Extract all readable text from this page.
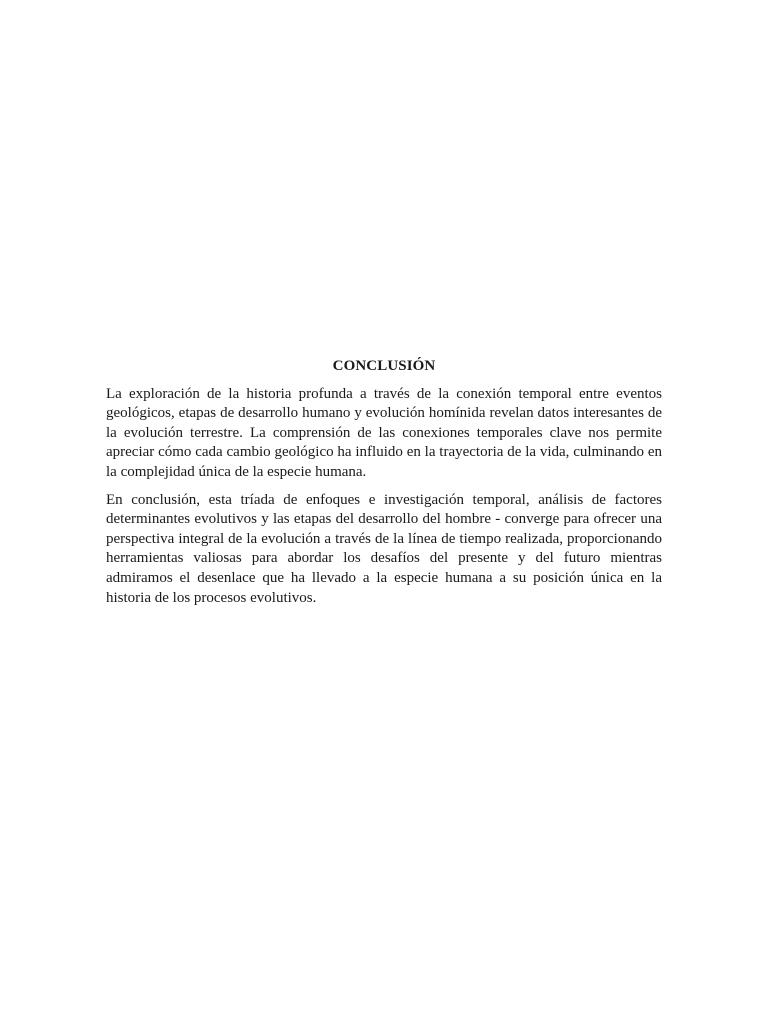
CONCLUSIÓN

La exploración de la historia profunda a través de la conexión temporal entre eventos geológicos, etapas de desarrollo humano y evolución homínida revelan datos interesantes de la evolución terrestre. La comprensión de las conexiones temporales clave nos permite apreciar cómo cada cambio geológico ha influido en la trayectoria de la vida, culminando en la complejidad única de la especie humana.

En conclusión, esta tríada de enfoques e investigación temporal, análisis de factores determinantes evolutivos y las etapas del desarrollo del hombre - converge para ofrecer una perspectiva integral de la evolución a través de la línea de tiempo realizada, proporcionando herramientas valiosas para abordar los desafíos del presente y del futuro mientras admiramos el desenlace que ha llevado a la especie humana a su posición única en la historia de los procesos evolutivos.
